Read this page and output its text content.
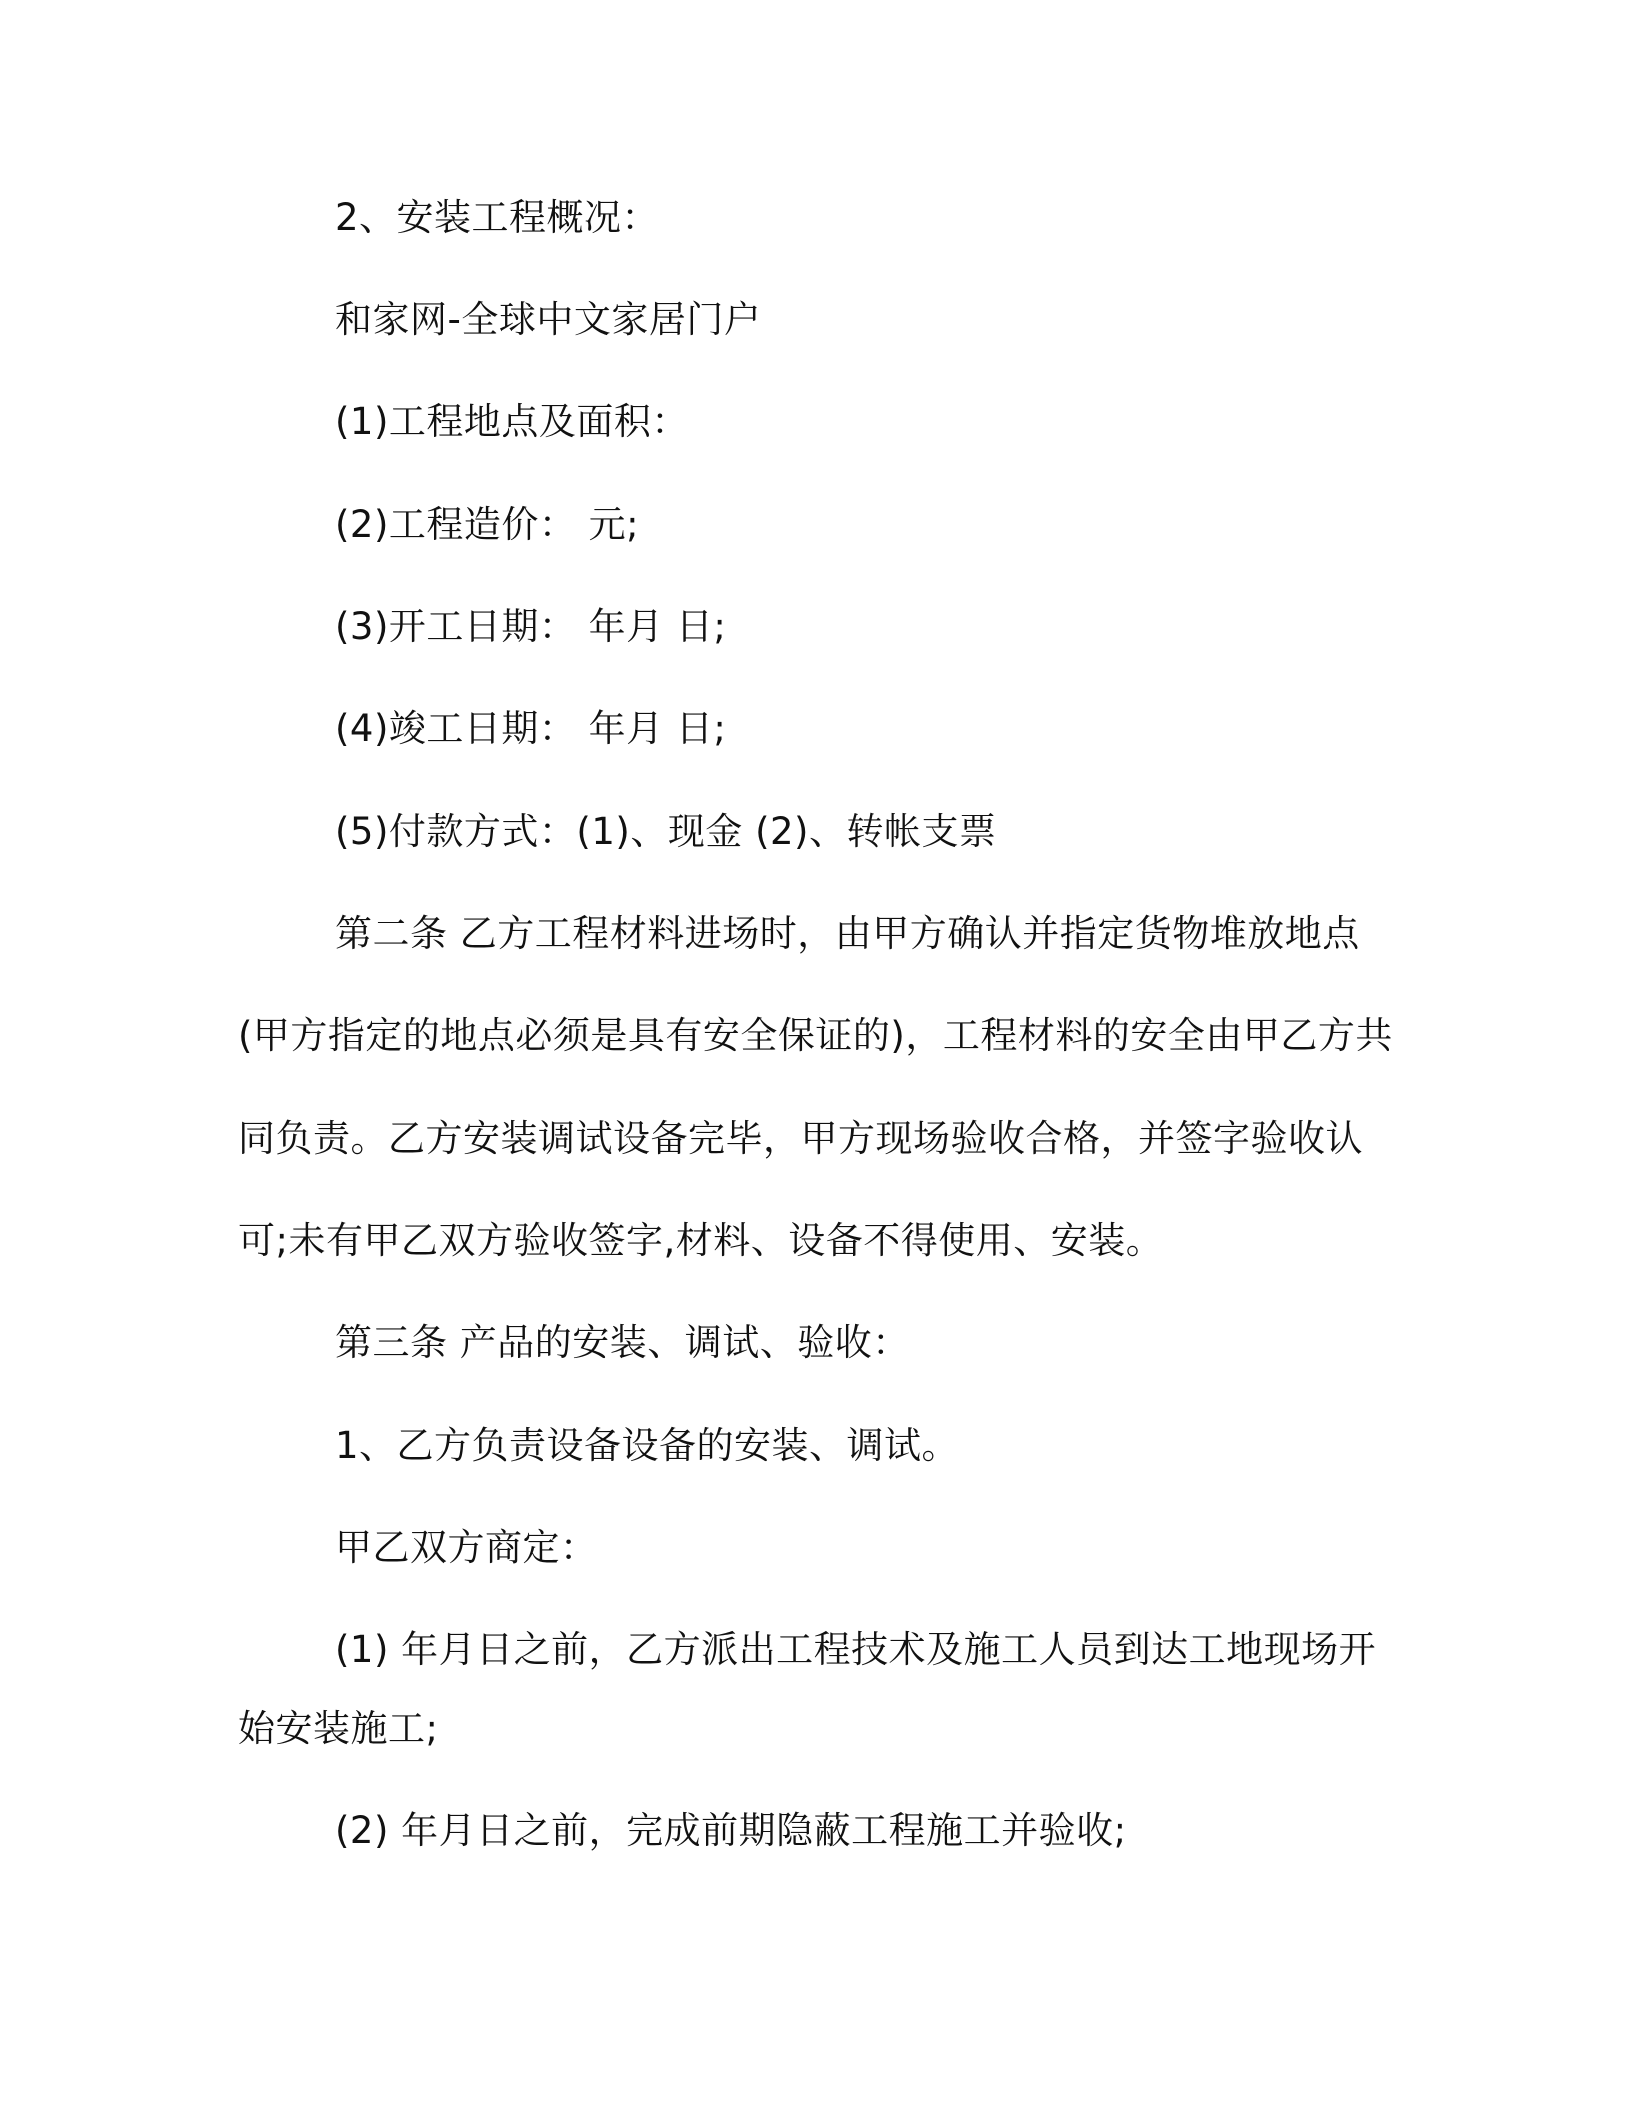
2、安装工程概况：
和家网-全球中文家居门户
(1)工程地点及面积：
(2)工程造价： 元;
(3)开工日期： 年月 日;
(4)竣工日期： 年月 日;
(5)付款方式：(1)、现金 (2)、转帐支票
第二条 乙方工程材料进场时，由甲方确认并指定货物堆放地点
(甲方指定的地点必须是具有安全保证的)，工程材料的安全由甲乙方共
同负责。乙方安装调试设备完毕，甲方现场验收合格，并签字验收认
可;未有甲乙双方验收签字,材料、设备不得使用、安装。
第三条 产品的安装、调试、验收：
1、乙方负责设备设备的安装、调试。
甲乙双方商定：
(1) 年月日之前，乙方派出工程技术及施工人员到达工地现场开
始安装施工;
(2) 年月日之前，完成前期隐蔽工程施工并验收;
